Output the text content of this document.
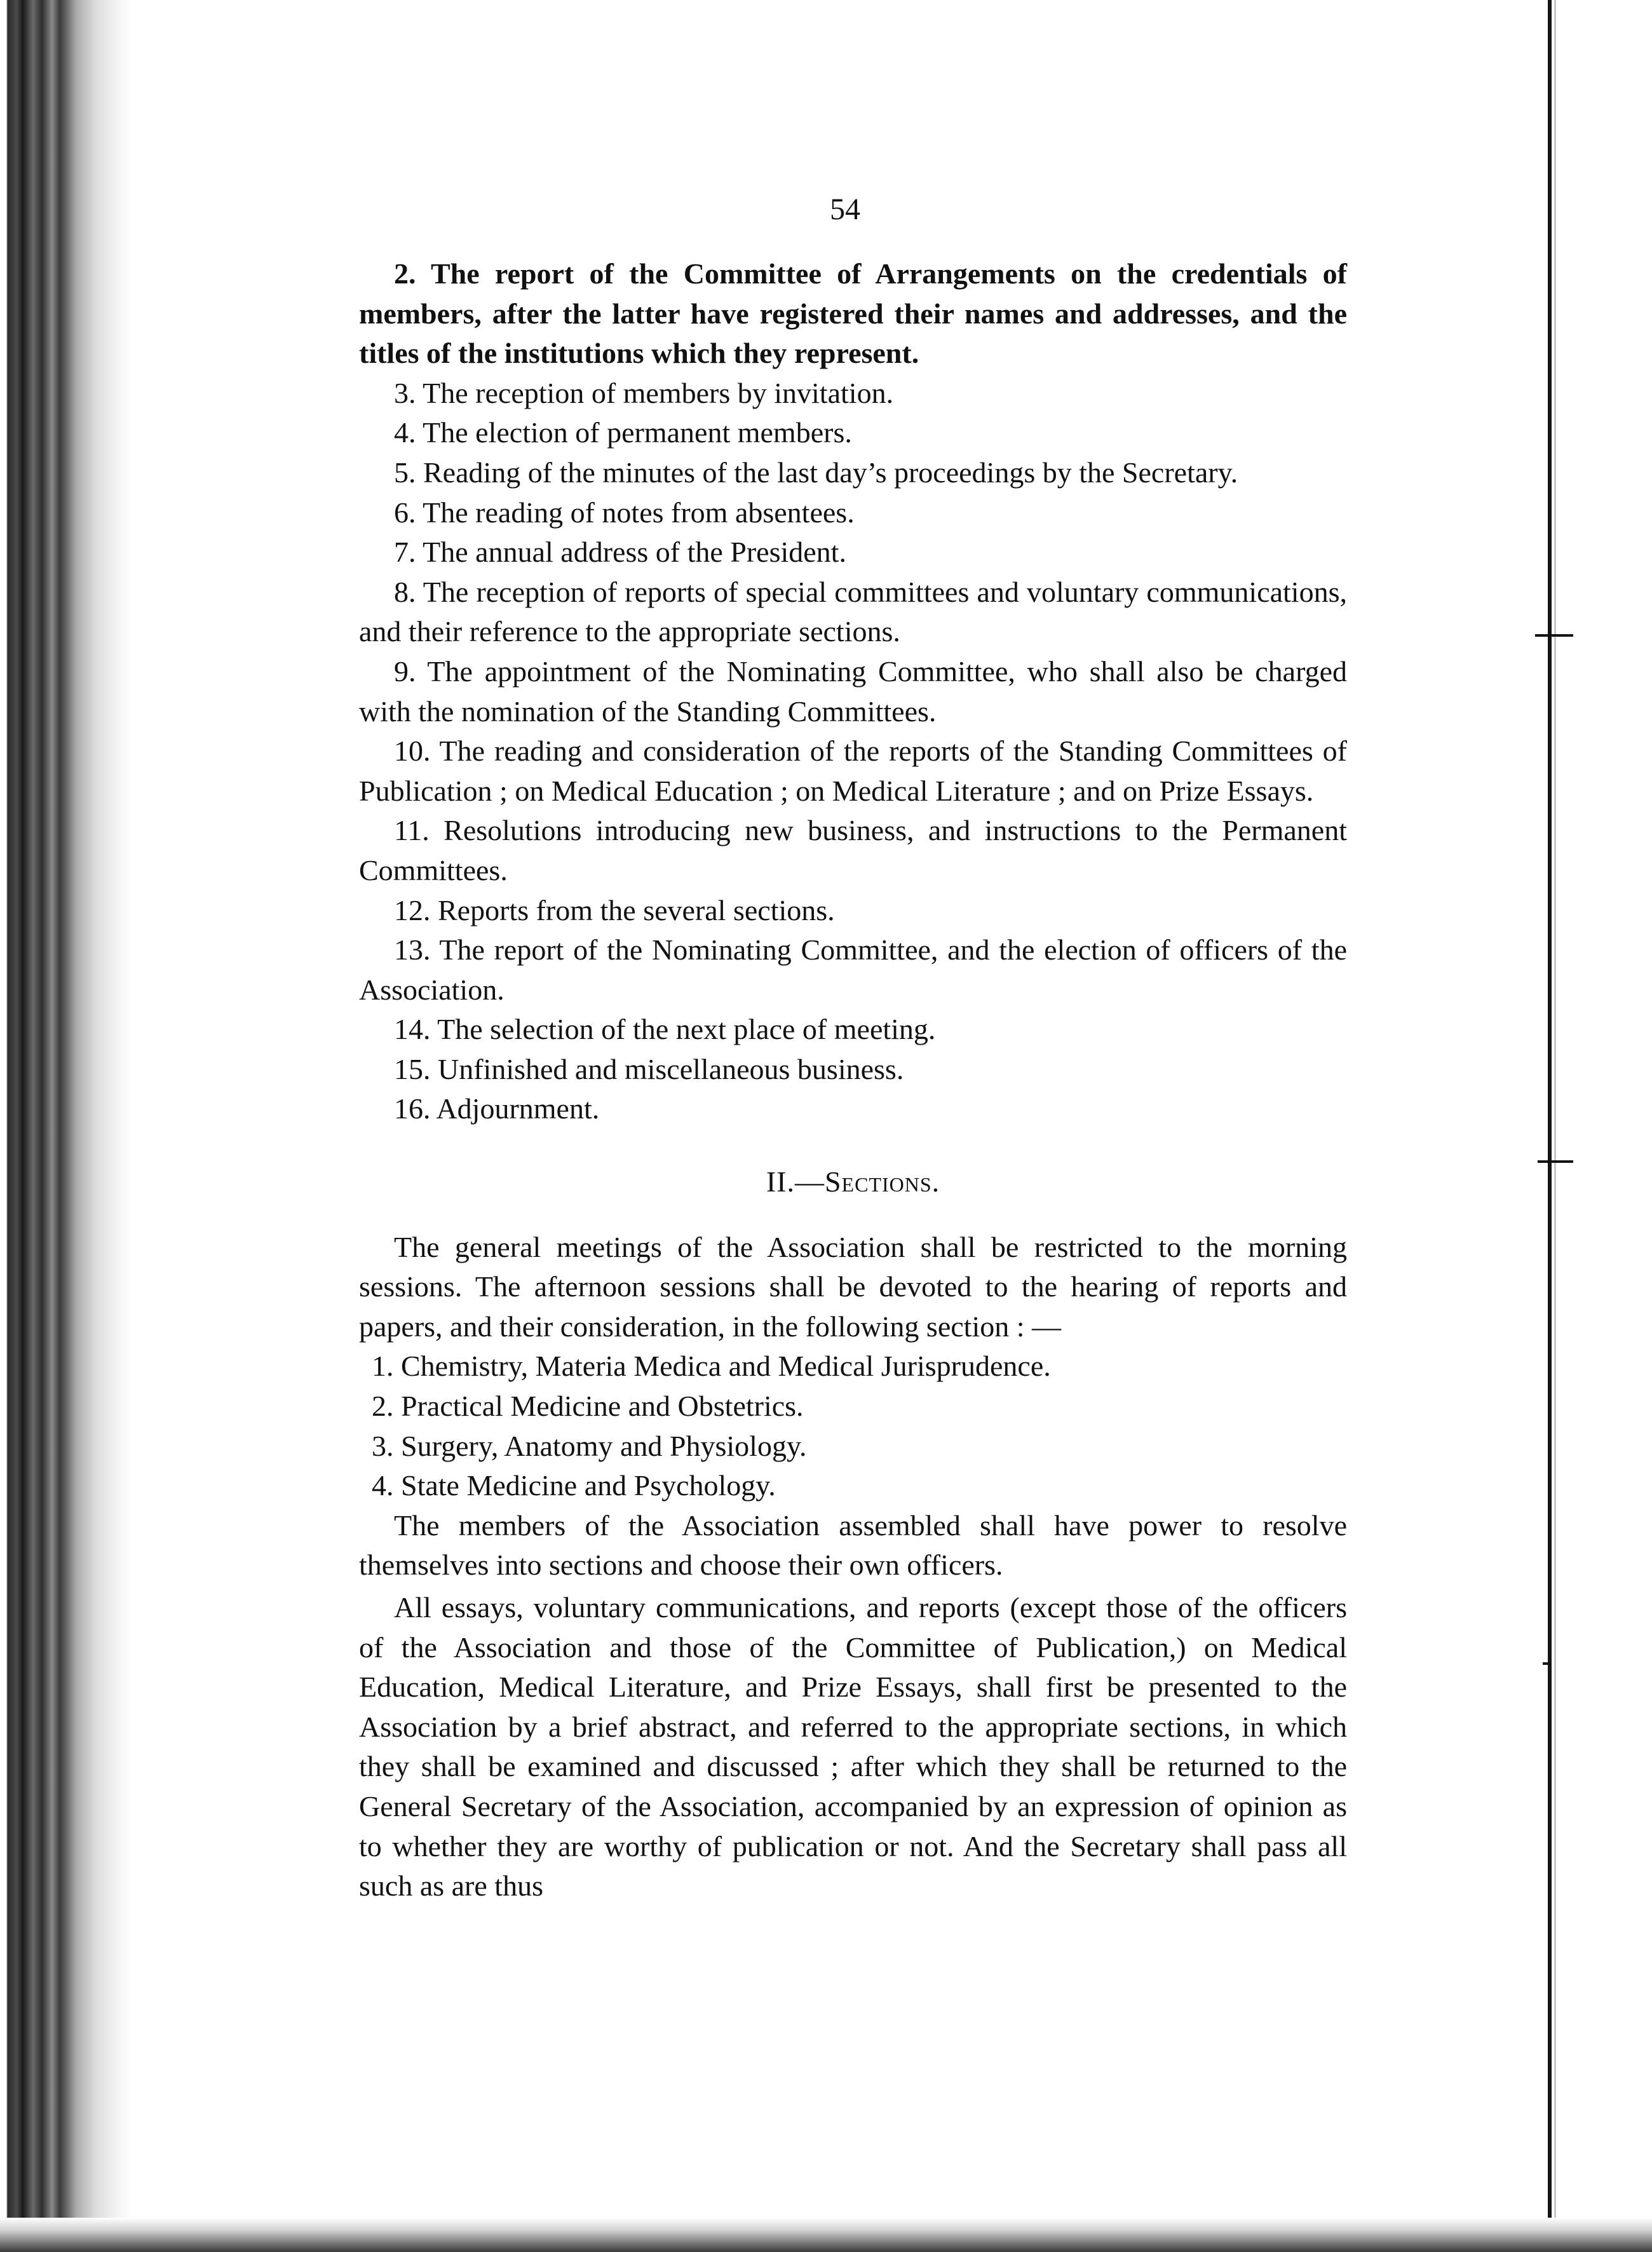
54

2. The report of the Committee of Arrangements on the credentials of members, after the latter have registered their names and addresses, and the titles of the institutions which they represent.

3. The reception of members by invitation.

4. The election of permanent members.

5. Reading of the minutes of the last day’s proceedings by the Secretary.

6. The reading of notes from absentees.

7. The annual address of the President.

8. The reception of reports of special committees and voluntary communications, and their reference to the appropriate sections.

9. The appointment of the Nominating Committee, who shall also be charged with the nomination of the Standing Committees.

10. The reading and consideration of the reports of the Standing Committees of Publication ; on Medical Education ; on Medical Literature ; and on Prize Essays.

11. Resolutions introducing new business, and instructions to the Permanent Committees.

12. Reports from the several sections.

13. The report of the Nominating Committee, and the election of officers of the Association.

14. The selection of the next place of meeting.

15. Unfinished and miscellaneous business.

16. Adjournment.

II.—Sections.

The general meetings of the Association shall be restricted to the morning sessions. The afternoon sessions shall be devoted to the hearing of reports and papers, and their consideration, in the following section : —

1. Chemistry, Materia Medica and Medical Jurisprudence.

2. Practical Medicine and Obstetrics.

3. Surgery, Anatomy and Physiology.

4. State Medicine and Psychology.

The members of the Association assembled shall have power to resolve themselves into sections and choose their own officers.

All essays, voluntary communications, and reports (except those of the officers of the Association and those of the Committee of Publication,) on Medical Education, Medical Literature, and Prize Essays, shall first be presented to the Association by a brief abstract, and referred to the appropriate sections, in which they shall be examined and discussed ; after which they shall be returned to the General Secretary of the Association, accompanied by an expression of opinion as to whether they are worthy of publication or not. And the Secretary shall pass all such as are thus
